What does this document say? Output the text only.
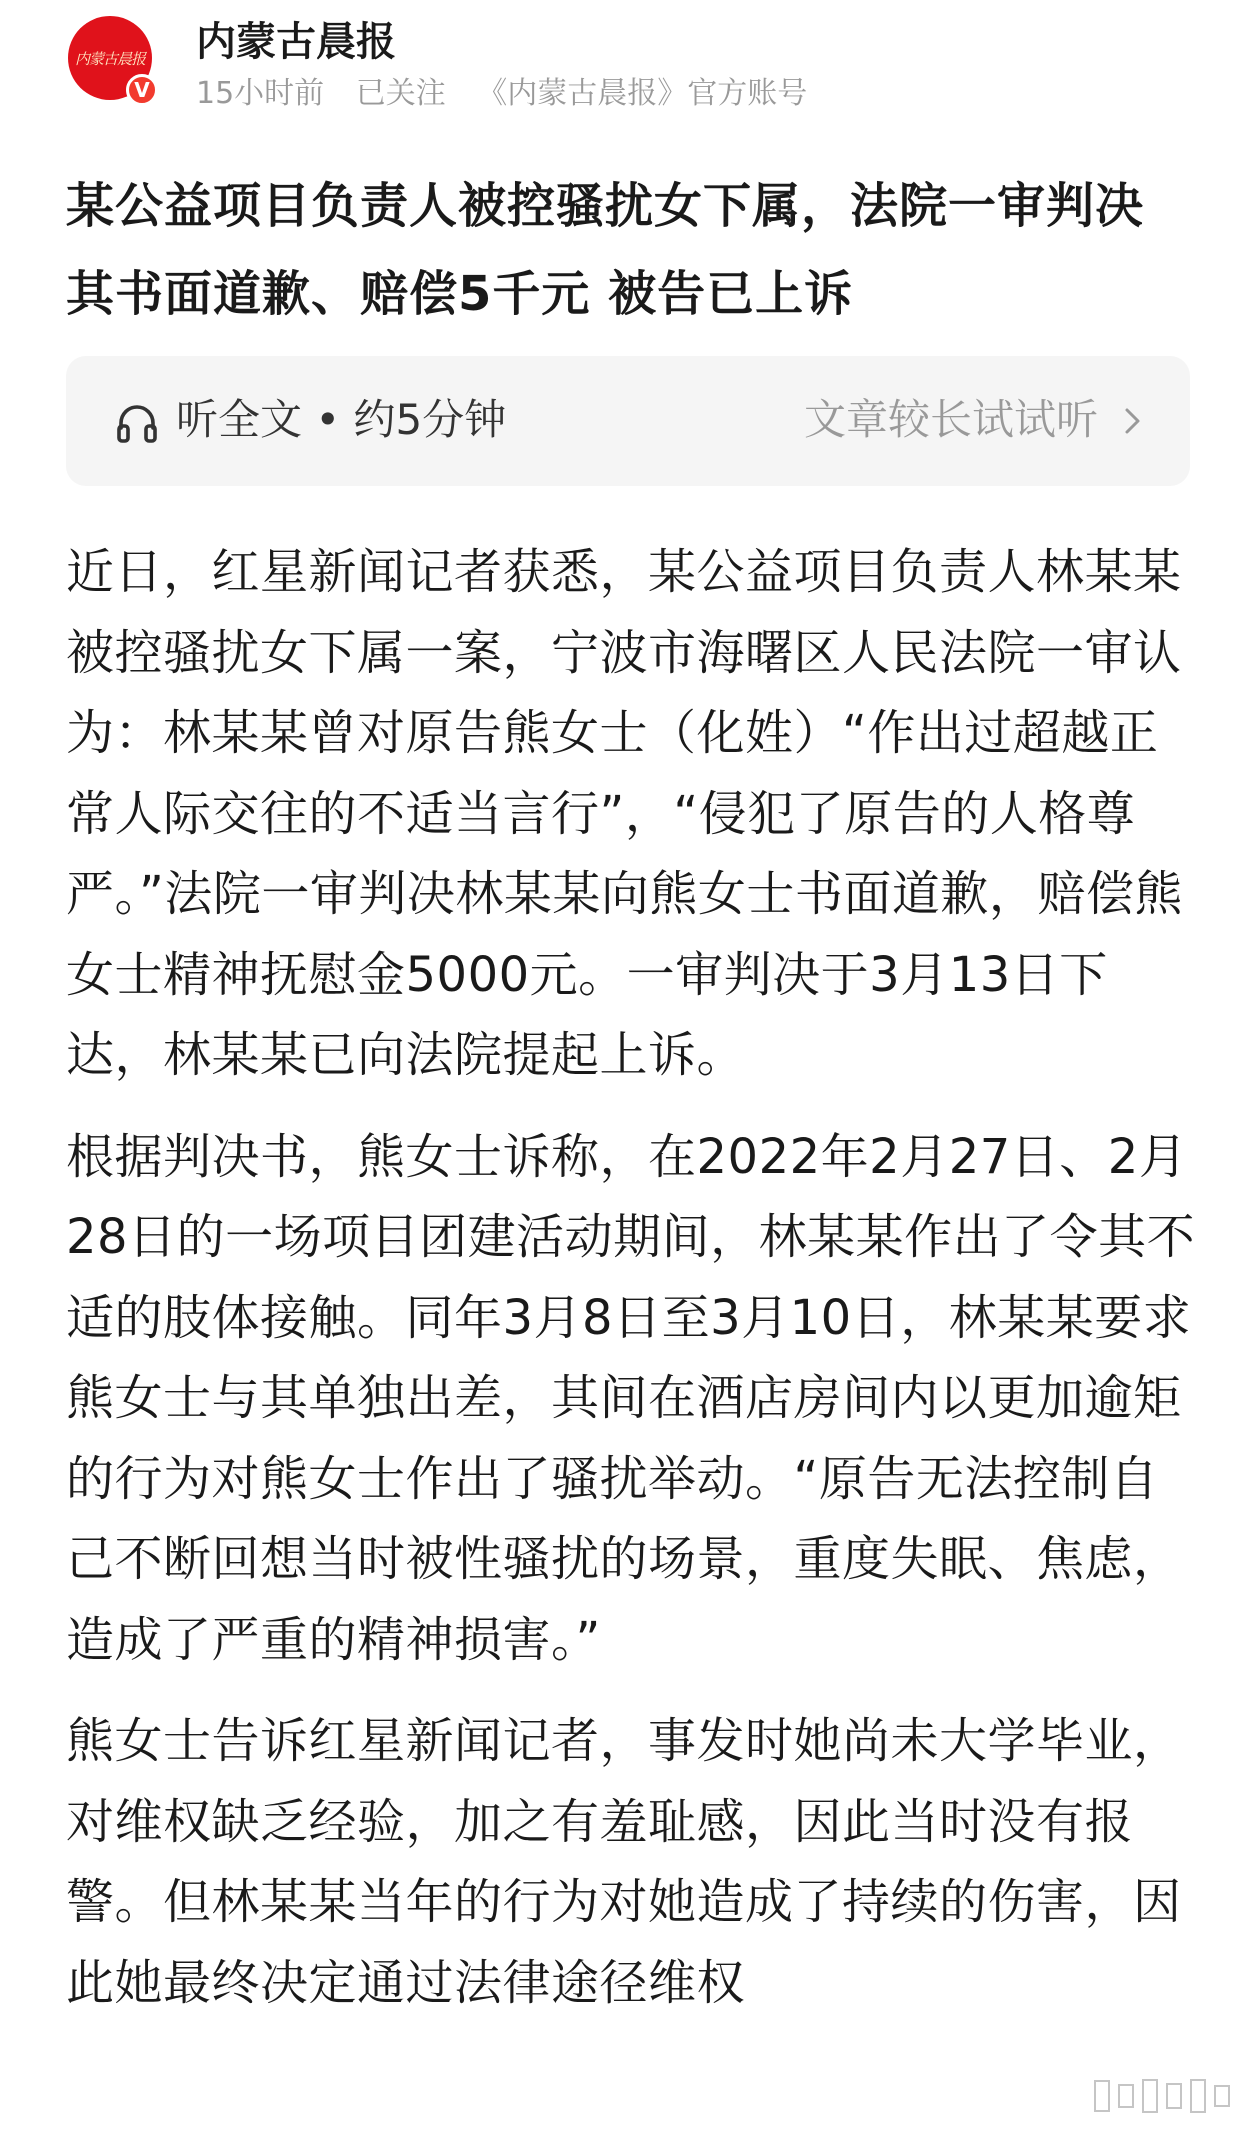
内蒙古晨报
V
内蒙古晨报
15小时前 已关注 《内蒙古晨报》官方账号
某公益项目负责人被控骚扰女下属，法院一审判决其书面道歉、赔偿5千元 被告已上诉
听全文 • 约5分钟	文章较长试试听

近日，红星新闻记者获悉，某公益项目负责人林某某被控骚扰女下属一案，宁波市海曙区人民法院一审认为：林某某曾对原告熊女士（化姓）“作出过超越正常人际交往的不适当言行”，“侵犯了原告的人格尊严。”法院一审判决林某某向熊女士书面道歉，赔偿熊女士精神抚慰金5000元。一审判决于3月13日下达，林某某已向法院提起上诉。

根据判决书，熊女士诉称，在2022年2月27日、2月28日的一场项目团建活动期间，林某某作出了令其不适的肢体接触。同年3月8日至3月10日，林某某要求熊女士与其单独出差，其间在酒店房间内以更加逾矩的行为对熊女士作出了骚扰举动。“原告无法控制自己不断回想当时被性骚扰的场景，重度失眠、焦虑，造成了严重的精神损害。”

熊女士告诉红星新闻记者，事发时她尚未大学毕业，对维权缺乏经验，加之有羞耻感，因此当时没有报警。但林某某当年的行为对她造成了持续的伤害，因此她最终决定通过法律途径维权
